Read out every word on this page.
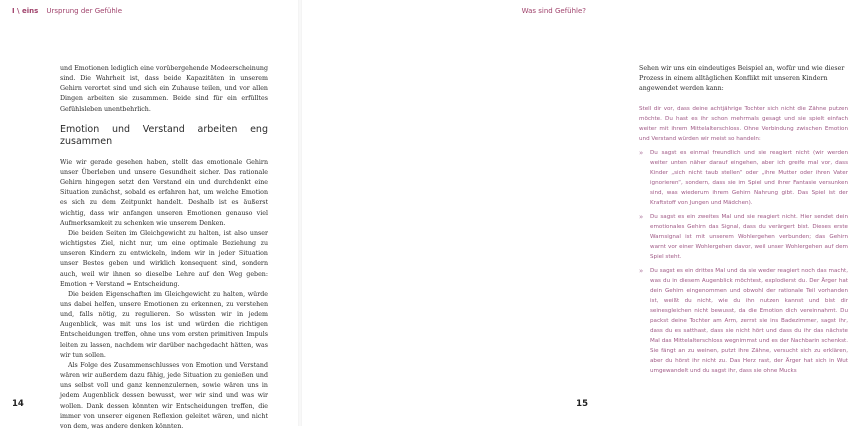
I \ eins Ursprung der Gefühle

und Emotionen lediglich eine vorübergehende Modeerscheinung sind. Die Wahrheit ist, dass beide Kapazitäten in unserem Gehirn verortet sind und sich ein Zuhause teilen, und vor allen Dingen arbeiten sie zusammen. Beide sind für ein erfülltes Gefühlsleben unentbehrlich.

Emotion und Verstand arbeiten eng zusammen

Wie wir gerade gesehen haben, stellt das emotionale Gehirn unser Überleben und unsere Gesundheit sicher. Das rationale Gehirn hingegen setzt den Verstand ein und durchdenkt eine Situation zunächst, sobald es erfahren hat, um welche Emotion es sich zu dem Zeitpunkt handelt. Deshalb ist es äußerst wichtig, dass wir anfangen unseren Emotionen genauso viel Aufmerksamkeit zu schenken wie unserem Denken.

Die beiden Seiten im Gleichgewicht zu halten, ist also unser wichtigstes Ziel, nicht nur, um eine optimale Beziehung zu unseren Kindern zu entwickeln, indem wir in jeder Situation unser Bestes geben und wirklich konsequent sind, sondern auch, weil wir ihnen so dieselbe Lehre auf den Weg geben: Emotion + Verstand = Entscheidung.

Die beiden Eigenschaften im Gleichgewicht zu halten, würde uns dabei helfen, unsere Emotionen zu erkennen, zu verstehen und, falls nötig, zu regulieren. So wüssten wir in jedem Augenblick, was mit uns los ist und würden die richtigen Entscheidungen treffen, ohne uns vom ersten primitiven Impuls leiten zu lassen, nachdem wir darüber nachgedacht hätten, was wir tun sollen.

Als Folge des Zusammenschlusses von Emotion und Verstand wären wir außerdem dazu fähig, jede Situation zu genießen und uns selbst voll und ganz kennenzulernen, sowie wären uns in jedem Augenblick dessen bewusst, wer wir sind und was wir wollen. Dank dessen könnten wir Entscheidungen treffen, die immer von unserer eigenen Reflexion geleitet wären, und nicht von dem, was andere denken könnten.

14
Was sind Gefühle?

Sehen wir uns ein eindeutiges Beispiel an, wofür und wie dieser Prozess in einem alltäglichen Konflikt mit unseren Kindern angewendet werden kann:

Stell dir vor, dass deine achtjährige Tochter sich nicht die Zähne putzen möchte. Du hast es ihr schon mehrmals gesagt und sie spielt einfach weiter mit ihrem Mittelalterschloss. Ohne Verbindung zwischen Emotion und Verstand würden wir meist so handeln:

» Du sagst es einmal freundlich und sie reagiert nicht (wir werden weiter unten näher darauf eingehen, aber ich greife mal vor, dass Kinder „sich nicht taub stellen“ oder „ihre Mutter oder ihren Vater ignorieren“, sondern, dass sie im Spiel und ihrer Fantasie versunken sind, was wiederum ihrem Gehirn Nahrung gibt. Das Spiel ist der Kraftstoff von Jungen und Mädchen).
» Du sagst es ein zweites Mal und sie reagiert nicht. Hier sendet dein emotionales Gehirn das Signal, dass du verärgert bist. Dieses erste Warnsignal ist mit unserem Wohlergehen verbunden; das Gehirn warnt vor einer Wohlergehen davor, weil unser Wohlergehen auf dem Spiel steht.
» Du sagst es ein drittes Mal und da sie weder reagiert noch das macht, was du in diesem Augenblick möchtest, explodierst du. Der Ärger hat dein Gehirn eingenommen und obwohl der rationale Teil vorhanden ist, weißt du nicht, wie du ihn nutzen kannst und bist dir seinesgleichen nicht bewusst, da die Emotion dich vereinnahmt. Du packst deine Tochter am Arm, zerrst sie ins Badezimmer, sagst ihr, dass du es satthast, dass sie nicht hört und dass du ihr das nächste Mal das Mittelalterschloss wegnimmst und es der Nachbarin schenkst. Sie fängt an zu weinen, putzt ihre Zähne, versucht sich zu erklären, aber du hörst ihr nicht zu. Das Herz rast, der Ärger hat sich in Wut umgewandelt und du sagst ihr, dass sie ohne Mucks
15
